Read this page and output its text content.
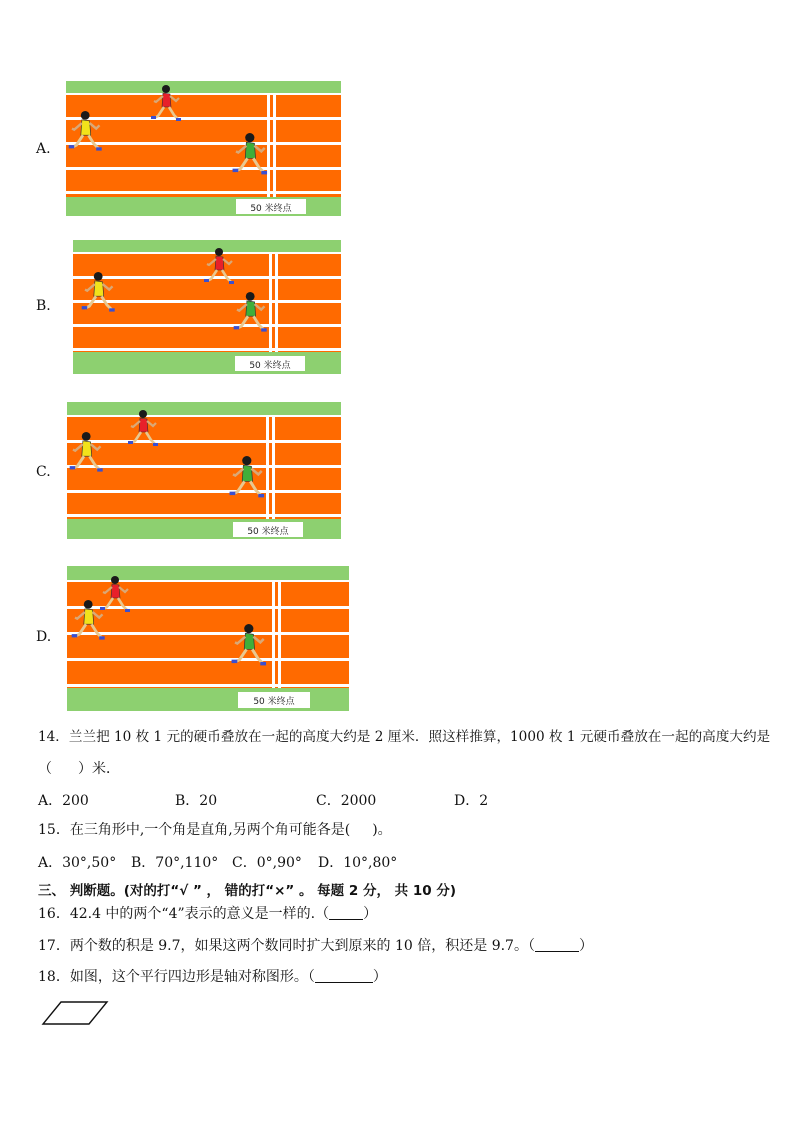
A.
50 米终点
B.
50 米终点
C.
50 米终点
D.
50 米终点
14．兰兰把 10 枚 1 元的硬币叠放在一起的高度大约是 2 厘米．照这样推算，1000 枚 1 元硬币叠放在一起的高度大约是
（ ）米．
A．200	B．20	C．2000	D．2
15．在三角形中,一个角是直角,另两个角可能各是( )。
A．30°,50° B．70°,110° C．0°,90° D．10°,80°
三、 判断题。(对的打“√ ” ， 错的打“×” 。 每题 2 分， 共 10 分)
16．42.4 中的两个“4”表示的意义是一样的.（ ）
17．两个数的积是 9.7，如果这两个数同时扩大到原来的 10 倍，积还是 9.7。（	）
18．如图，这个平行四边形是轴对称图形。（	）
